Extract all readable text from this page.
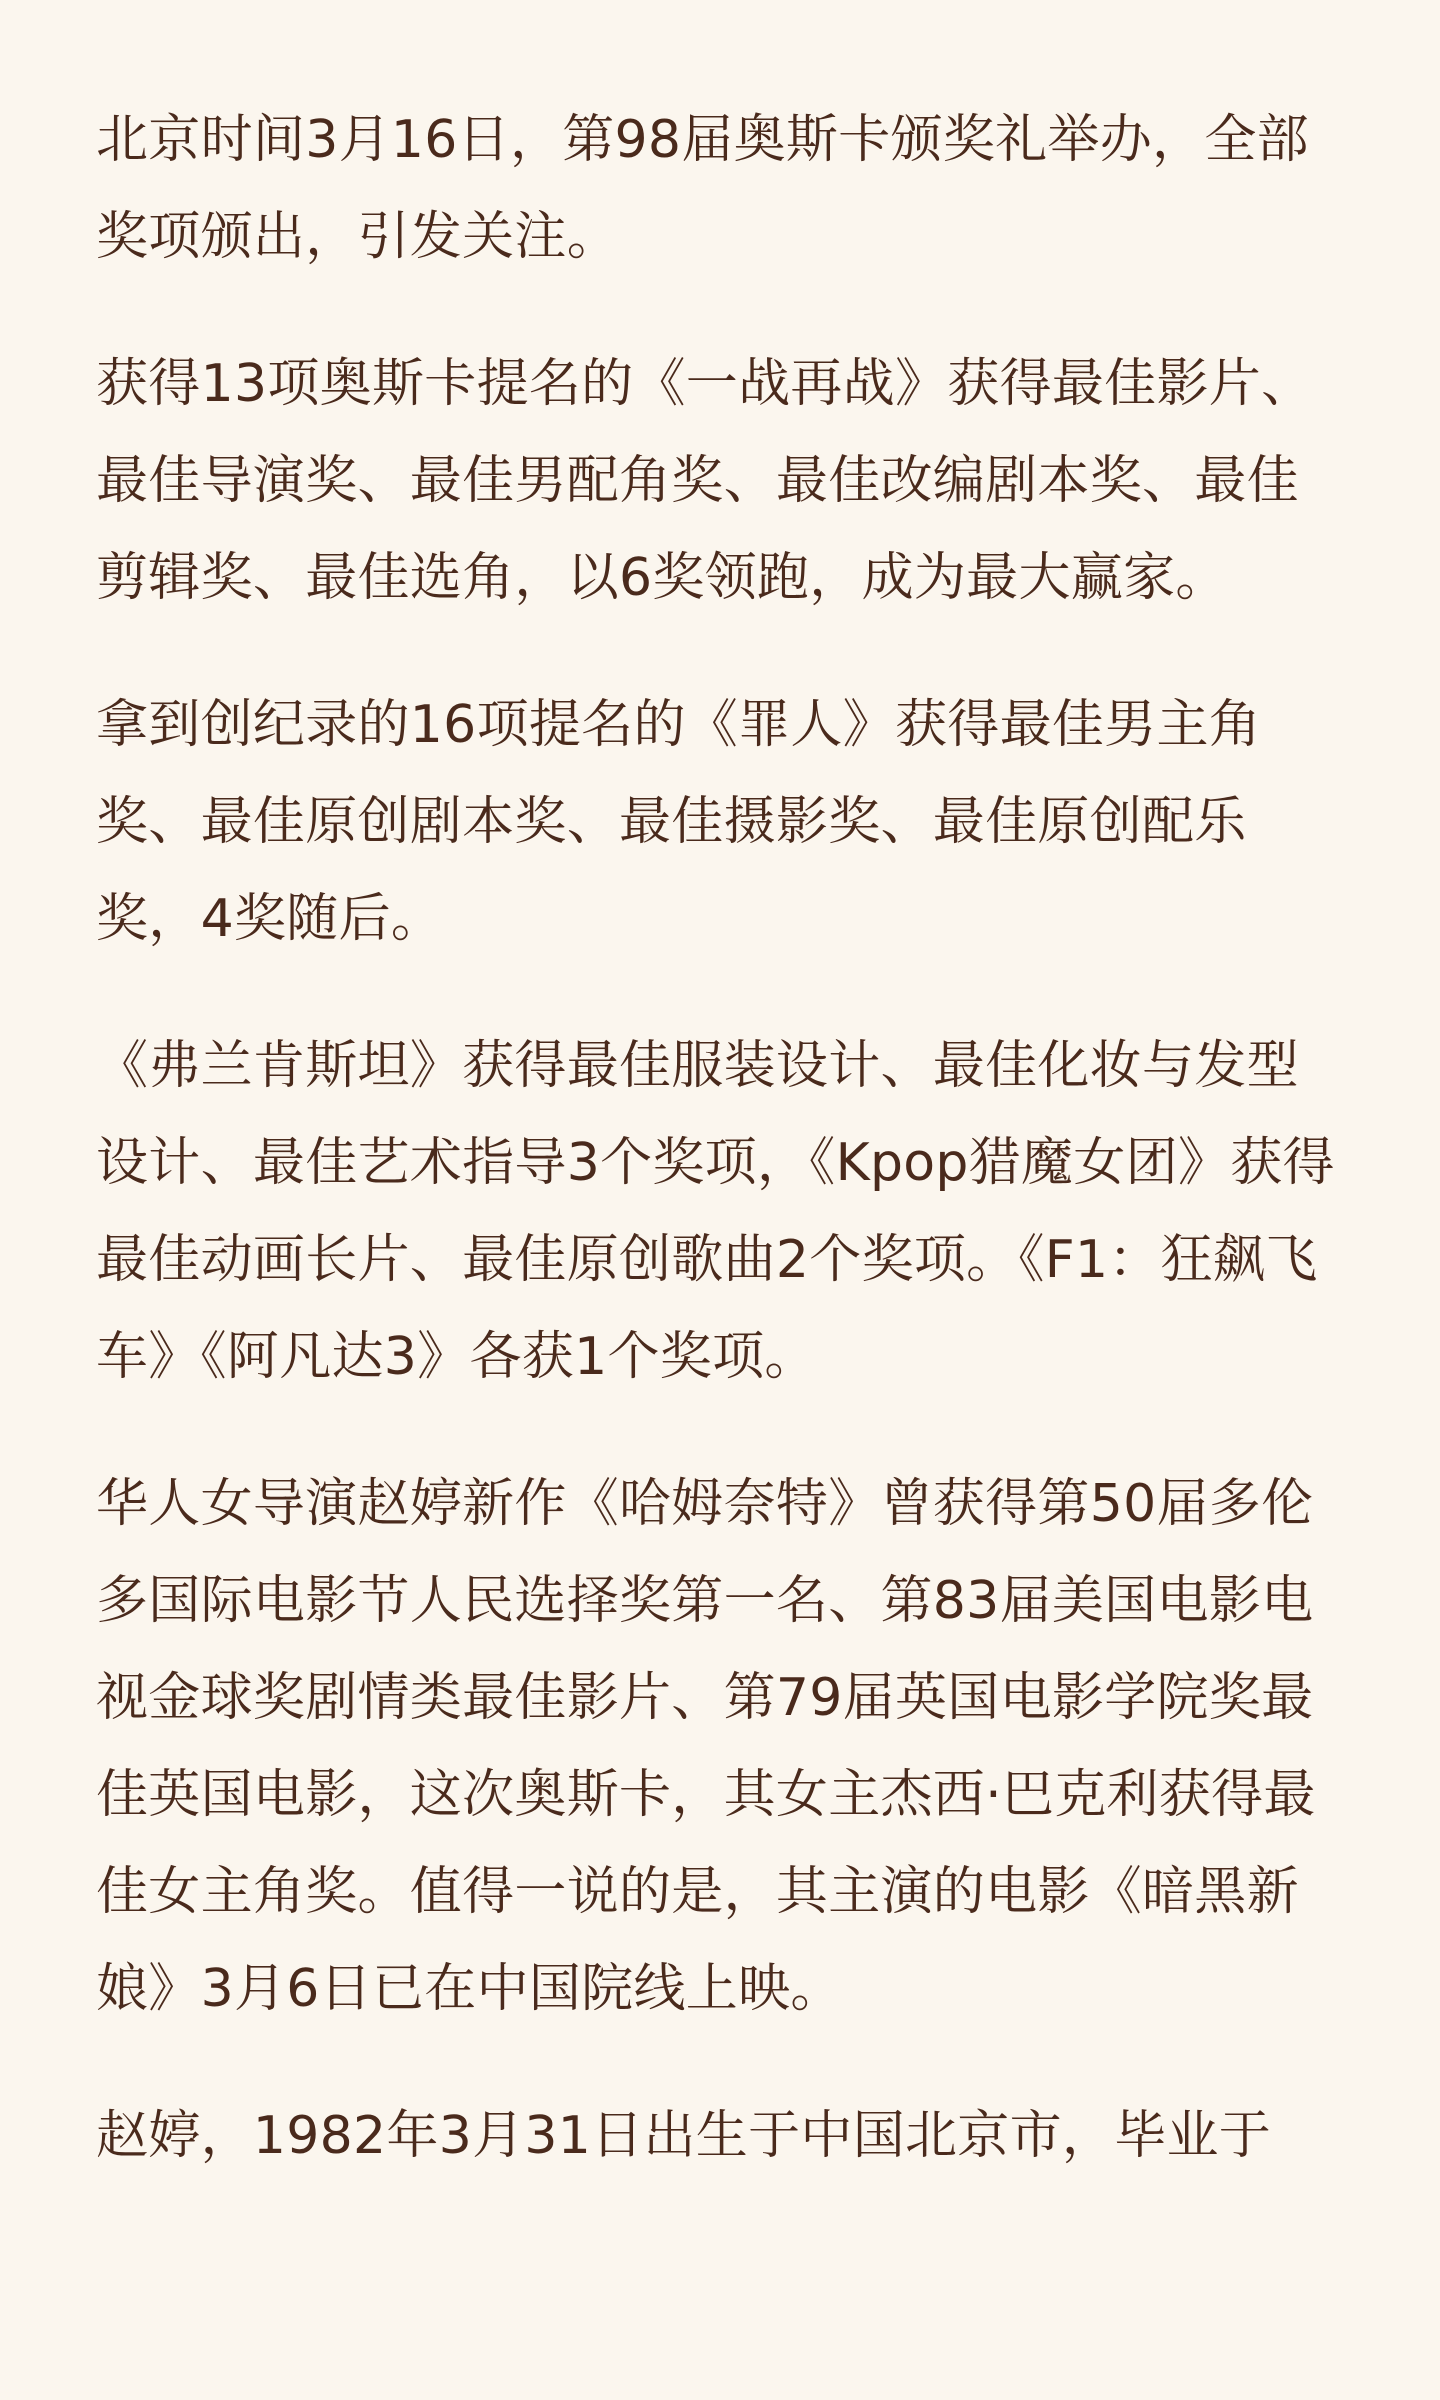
北京时间3月16日，第98届奥斯卡颁奖礼举办，全部奖项颁出，引发关注。

获得13项奥斯卡提名的《一战再战》获得最佳影片、最佳导演奖、最佳男配角奖、最佳改编剧本奖、最佳剪辑奖、最佳选角，以6奖领跑，成为最大赢家。

拿到创纪录的16项提名的《罪人》获得最佳男主角奖、最佳原创剧本奖、最佳摄影奖、最佳原创配乐奖，4奖随后。

《弗兰肯斯坦》获得最佳服装设计、最佳化妆与发型设计、最佳艺术指导3个奖项，《Kpop猎魔女团》获得最佳动画长片、最佳原创歌曲2个奖项。《F1：狂飙飞车》《阿凡达3》各获1个奖项。

华人女导演赵婷新作《哈姆奈特》曾获得第50届多伦多国际电影节人民选择奖第一名、第83届美国电影电视金球奖剧情类最佳影片、第79届英国电影学院奖最佳英国电影，这次奥斯卡，其女主杰西·巴克利获得最佳女主角奖。值得一说的是，其主演的电影《暗黑新娘》3月6日已在中国院线上映。

赵婷，1982年3月31日出生于中国北京市，毕业于
